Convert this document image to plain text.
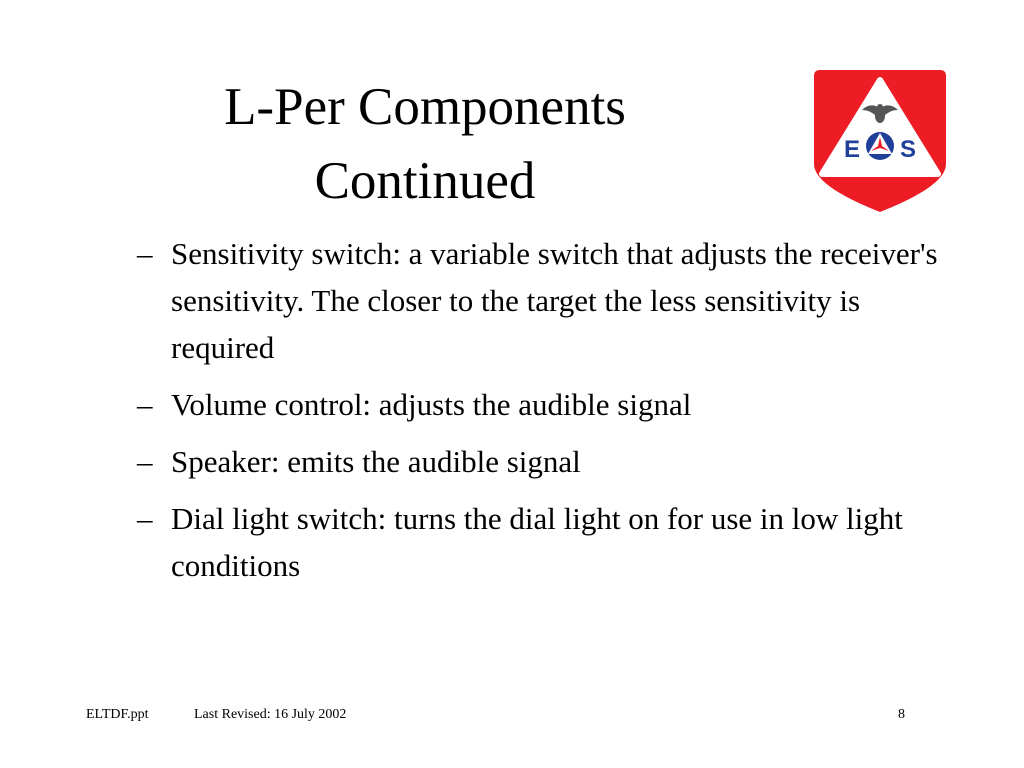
L-Per Components
Continued
E S
– Sensitivity switch: a variable switch that adjusts the receiver's sensitivity. The closer to the target the less sensitivity is required
– Volume control: adjusts the audible signal
– Speaker: emits the audible signal
– Dial light switch: turns the dial light on for use in low light conditions
ELTDF.ppt	Last Revised: 16 July 2002	8
